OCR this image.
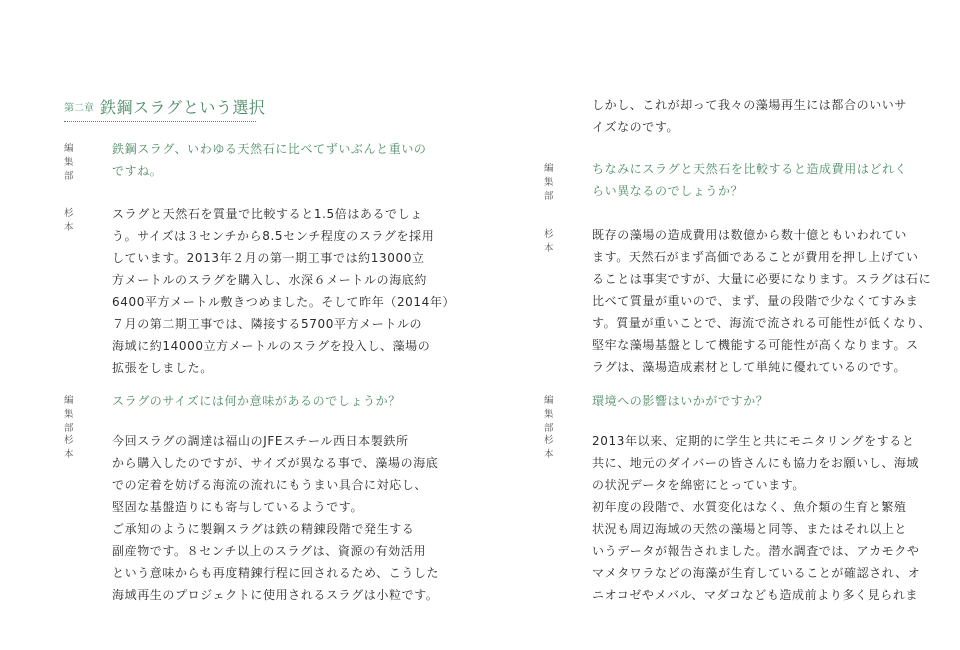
第二章 鉄鋼スラグという選択
編集部

鉄鋼スラグ、いわゆる天然石に比べてずいぶんと重いの

ですね。

杉本

スラグと天然石を質量で比較すると1.5倍はあるでしょ

う。サイズは３センチから8.5センチ程度のスラグを採用

しています。2013年２月の第一期工事では約13000立

方メートルのスラグを購入し、水深６メートルの海底約

6400平方メートル敷きつめました。そして昨年（2014年）

７月の第二期工事では、隣接する5700平方メートルの

海域に約14000立方メートルのスラグを投入し、藻場の

拡張をしました。

編集部

スラグのサイズには何か意味があるのでしょうか？

杉本

今回スラグの調達は福山のJFEスチール西日本製鉄所

から購入したのですが、サイズが異なる事で、藻場の海底

での定着を妨げる海流の流れにもうまい具合に対応し、

堅固な基盤造りにも寄与しているようです。

ご承知のように製鋼スラグは鉄の精錬段階で発生する

副産物です。８センチ以上のスラグは、資源の有効活用

という意味からも再度精錬行程に回されるため、こうした

海域再生のプロジェクトに使用されるスラグは小粒です。

しかし、これが却って我々の藻場再生には都合のいいサ

イズなのです。

編集部

ちなみにスラグと天然石を比較すると造成費用はどれく

らい異なるのでしょうか？

杉本

既存の藻場の造成費用は数億から数十億ともいわれてい

ます。天然石がまず高価であることが費用を押し上げてい

ることは事実ですが、大量に必要になります。スラグは石に

比べて質量が重いので、まず、量の段階で少なくてすみま

す。質量が重いことで、海流で流される可能性が低くなり、

堅牢な藻場基盤として機能する可能性が高くなります。ス

ラグは、藻場造成素材として単純に優れているのです。

編集部

環境への影響はいかがですか？

杉本

2013年以来、定期的に学生と共にモニタリングをすると

共に、地元のダイバーの皆さんにも協力をお願いし、海域

の状況データを綿密にとっています。

初年度の段階で、水質変化はなく、魚介類の生育と繁殖

状況も周辺海域の天然の藻場と同等、またはそれ以上と

いうデータが報告されました。潜水調査では、アカモクや

マメタワラなどの海藻が生育していることが確認され、オ

ニオコゼやメバル、マダコなども造成前より多く見られま
